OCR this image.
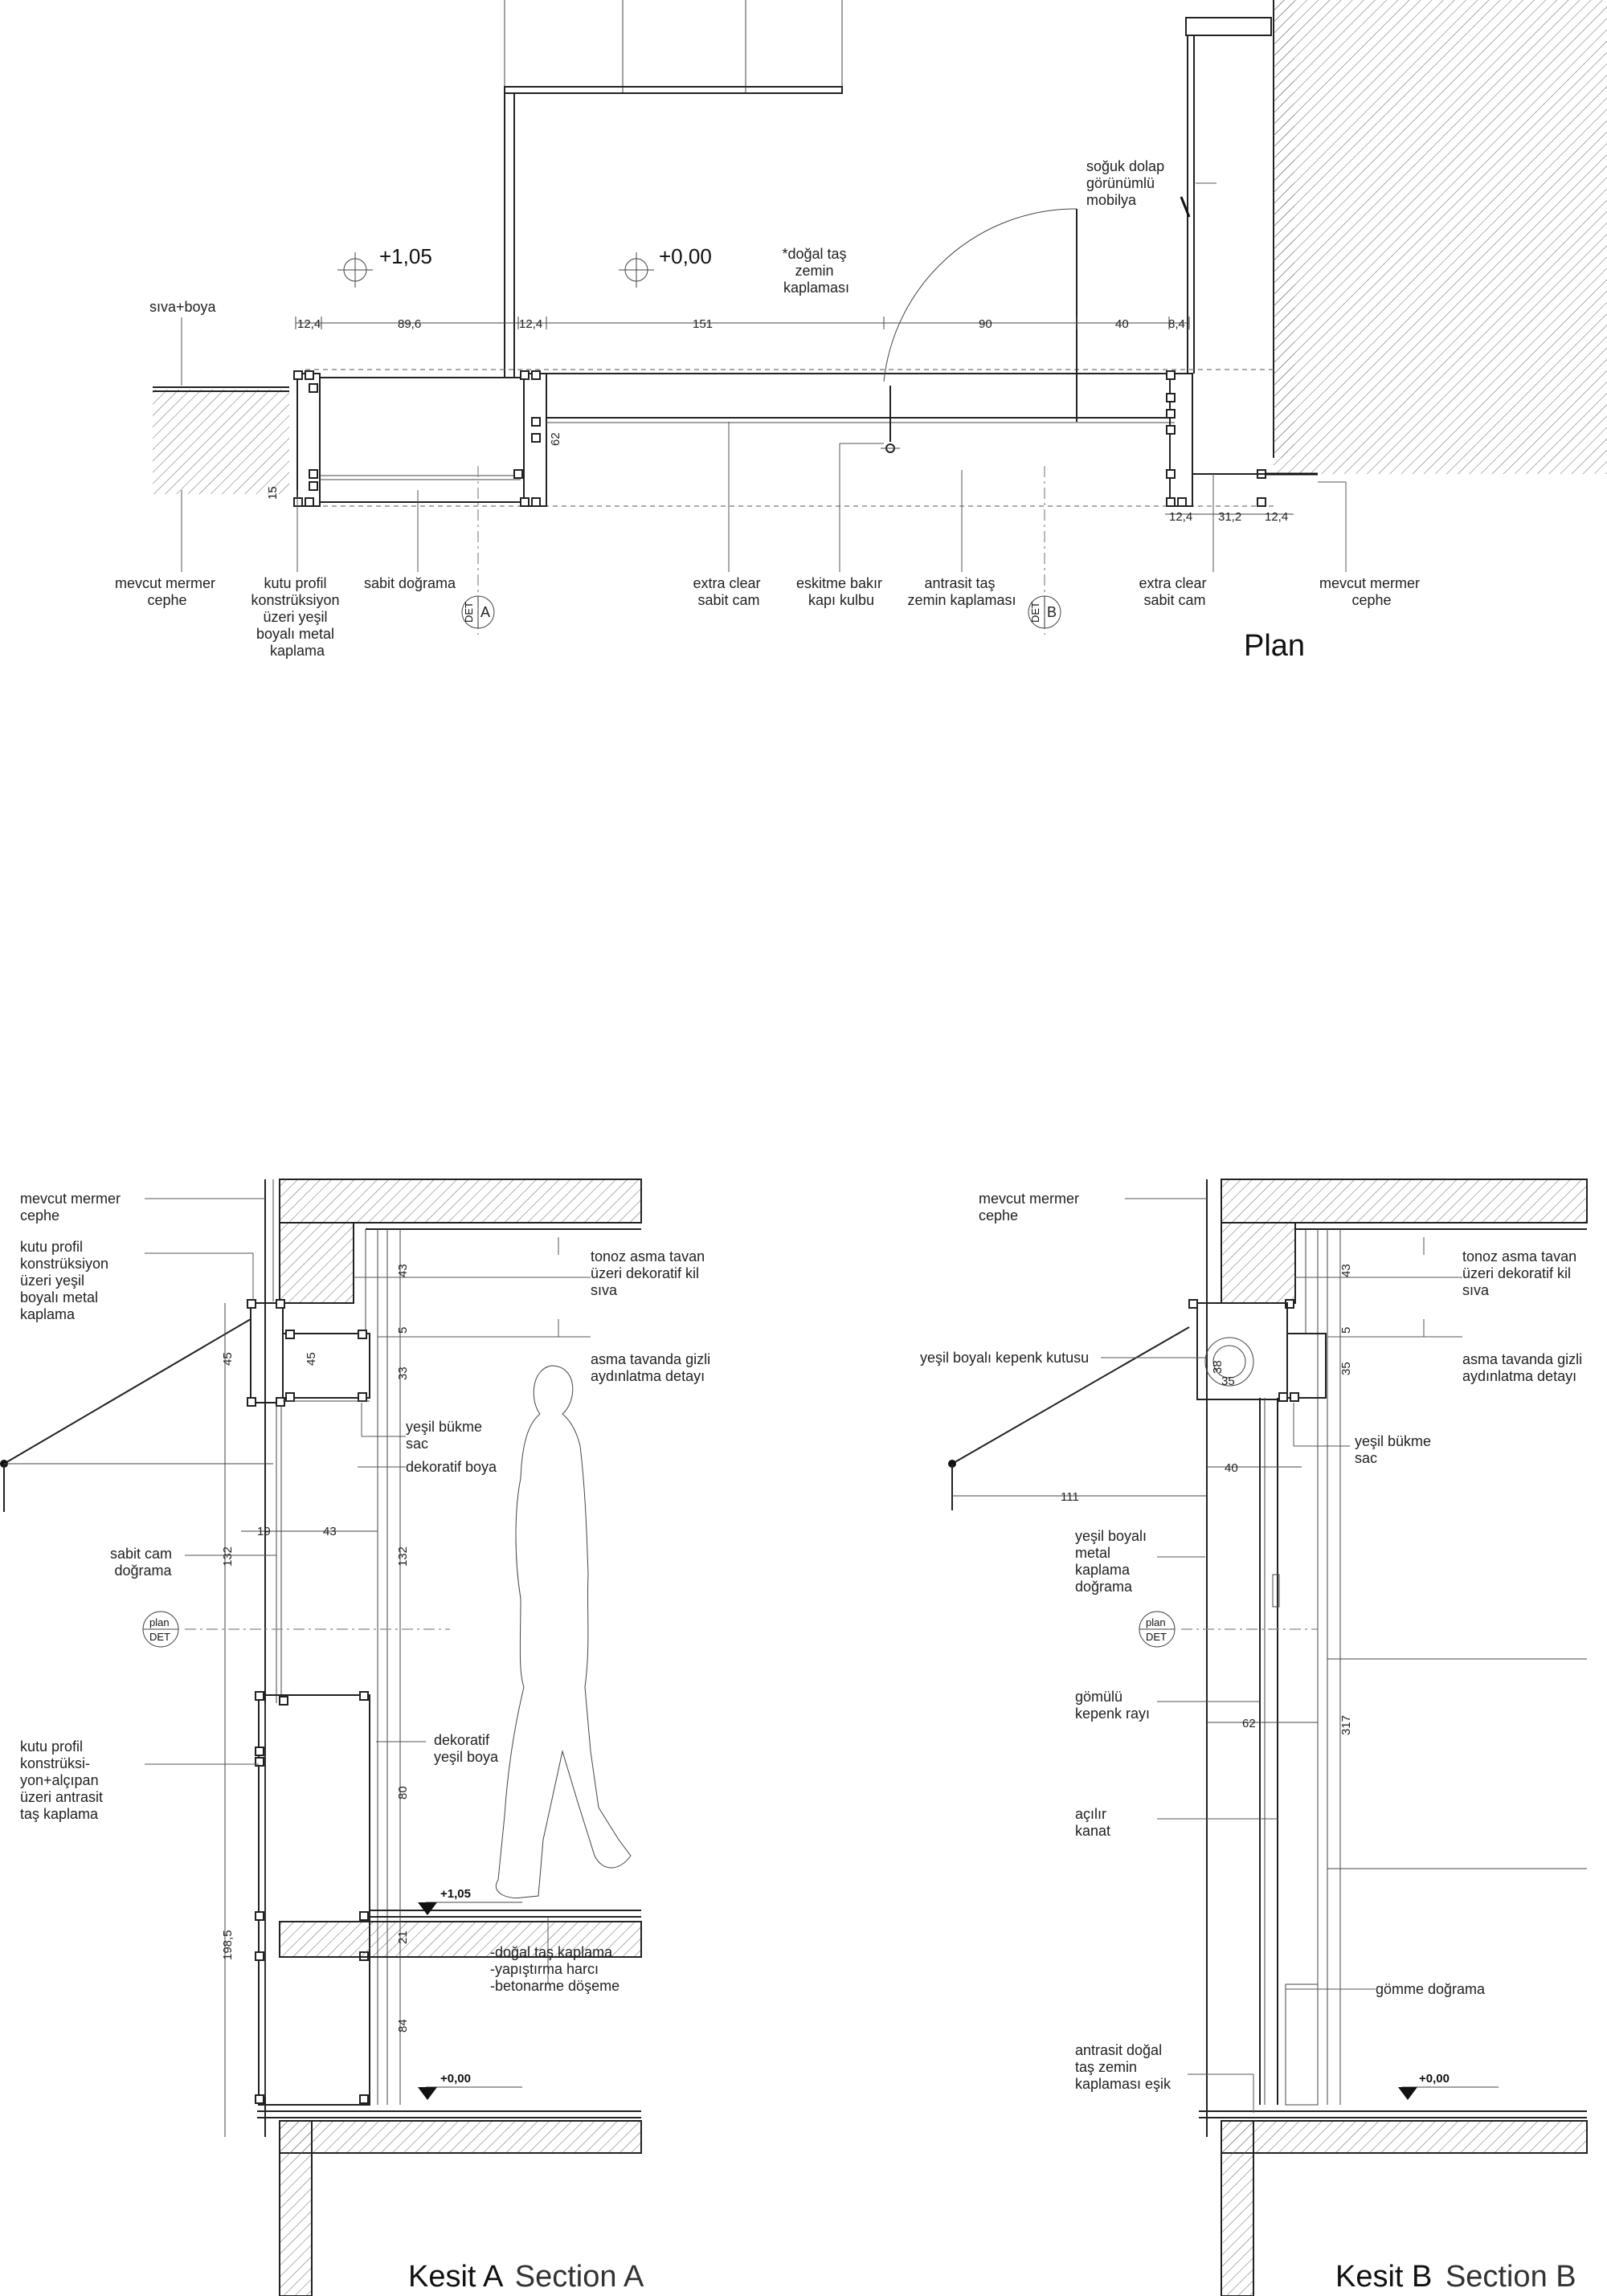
+1,05	+0,00
12,4	89,6	12,4	151	90	40	8,4
62
15
12,4 31,2 12,4
sıva+boya
soğuk dolap görünümlü mobilya
*doğal taş zemin kaplaması
mevcut mermer cephe
kutu profil konstrüksiyon üzeri yeşil boyalı metal kaplama
sabit doğrama	extra clear sabit cam
eskitme bakır kapı kulbu
antrasit taş zemin kaplaması
extra clear sabit cam
mevcut mermer cephe
DET A	DET B
Plan
+1,05
+0,00
plan
DET
45	45
132
198,5
43
5
33
132
80
21
84
19	43
mevcut mermer cephe
kutu profil konstrüksiyon üzeri yeşil boyalı metal kaplama
tonoz asma tavan üzeri dekoratif kil sıva
asma tavanda gizli aydınlatma detayı
yeşil bükme sac
dekoratif boya
sabit cam doğrama
kutu profil konstrüksi- yon+alçıpan üzeri antrasit taş kaplama
dekoratif yeşil boya
-doğal taş kaplama -yapıştırma harcı -betonarme döşeme
Kesit A Section A
+0,00
plan
DET
43
5
35
38
35
40
111
62	317
mevcut mermer cephe
tonoz asma tavan üzeri dekoratif kil sıva
asma tavanda gizli aydınlatma detayı
yeşil boyalı kepenk kutusu
yeşil bükme sac
yeşil boyalı metal kaplama doğrama
gömülü kepenk rayı
açılır kanat
gömme doğrama
antrasit doğal taş zemin kaplaması eşik
Kesit B Section B
